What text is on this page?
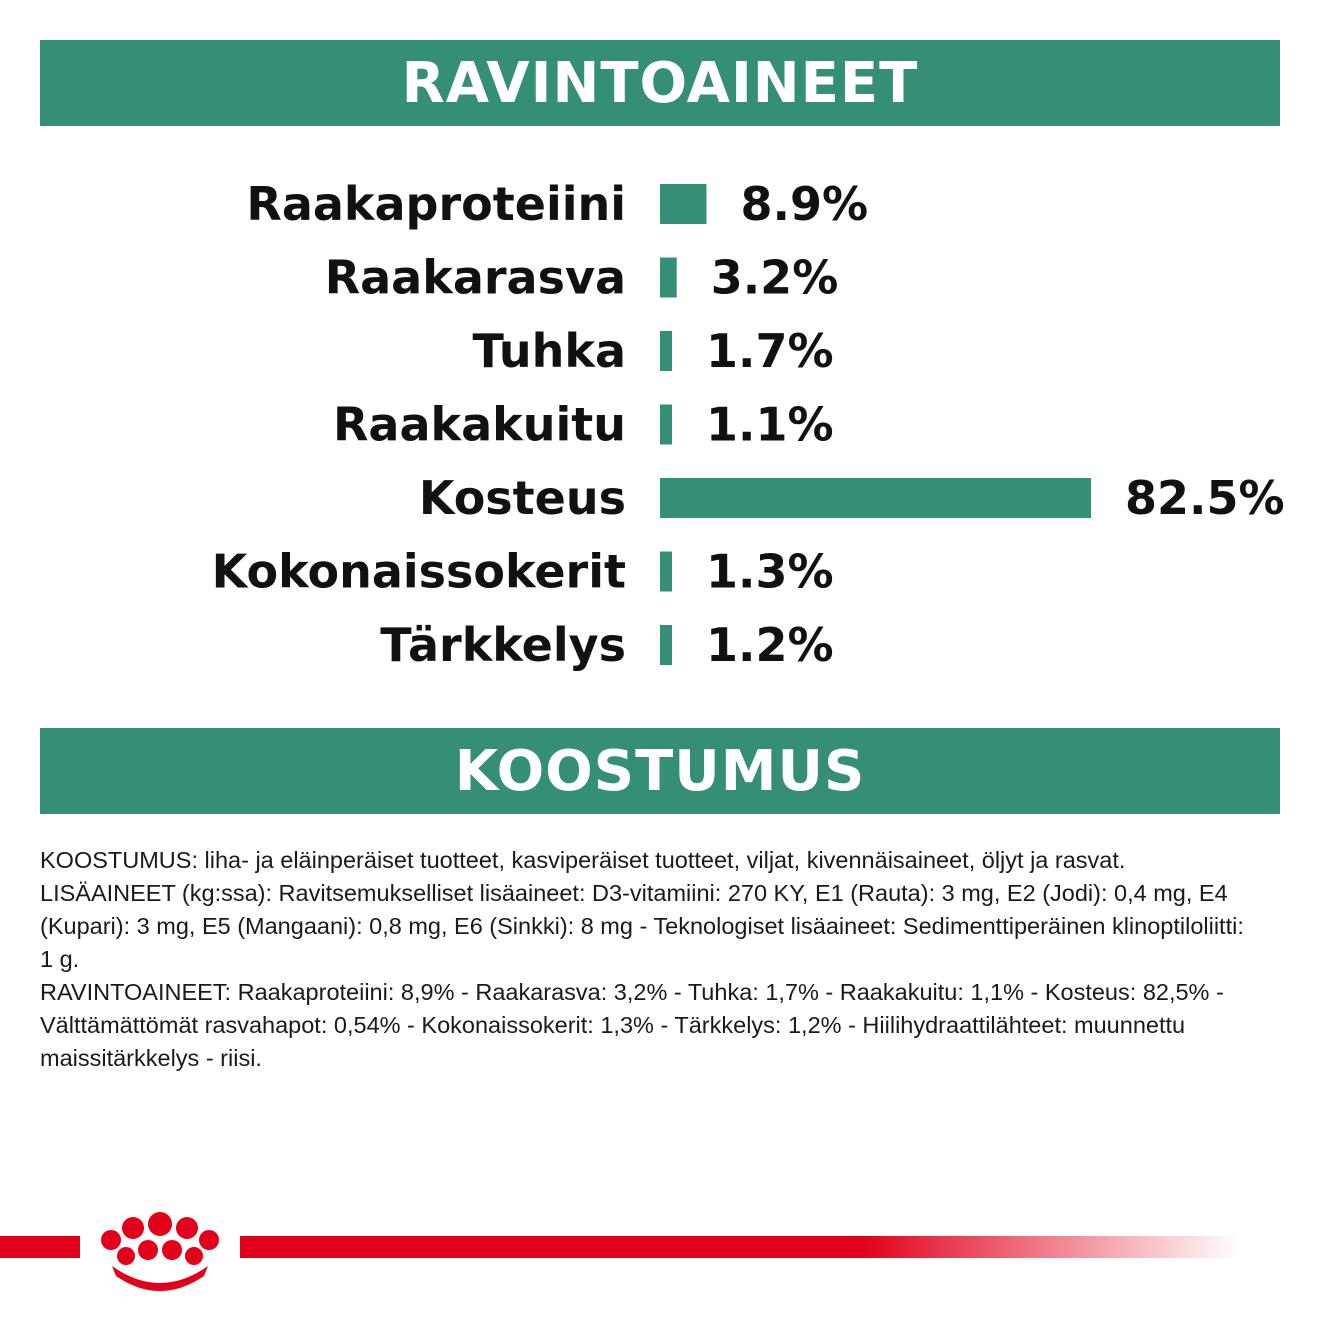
RAVINTOAINEET
Raakaproteiini 8.9%
Raakarasva 3.2%
Tuhka 1.7%
Raakakuitu 1.1%
Kosteus	82.5%
Kokonaissokerit 1.3%
Tärkkelys 1.2%
KOOSTUMUS

KOOSTUMUS: liha- ja eläinperäiset tuotteet, kasviperäiset tuotteet, viljat, kivennäisaineet, öljyt ja rasvat.

LISÄAINEET (kg:ssa): Ravitsemukselliset lisäaineet: D3-vitamiini: 270 KY, E1 (Rauta): 3 mg, E2 (Jodi): 0,4 mg, E4 (Kupari): 3 mg, E5 (Mangaani): 0,8 mg, E6 (Sinkki): 8 mg - Teknologiset lisäaineet: Sedimenttiperäinen klinoptiloliitti: 1 g.

RAVINTOAINEET: Raakaproteiini: 8,9% - Raakarasva: 3,2% - Tuhka: 1,7% - Raakakuitu: 1,1% - Kosteus: 82,5% - Välttämättömät rasvahapot: 0,54% - Kokonaissokerit: 1,3% - Tärkkelys: 1,2% - Hiilihydraattilähteet: muunnettu maissitärkkelys - riisi.
